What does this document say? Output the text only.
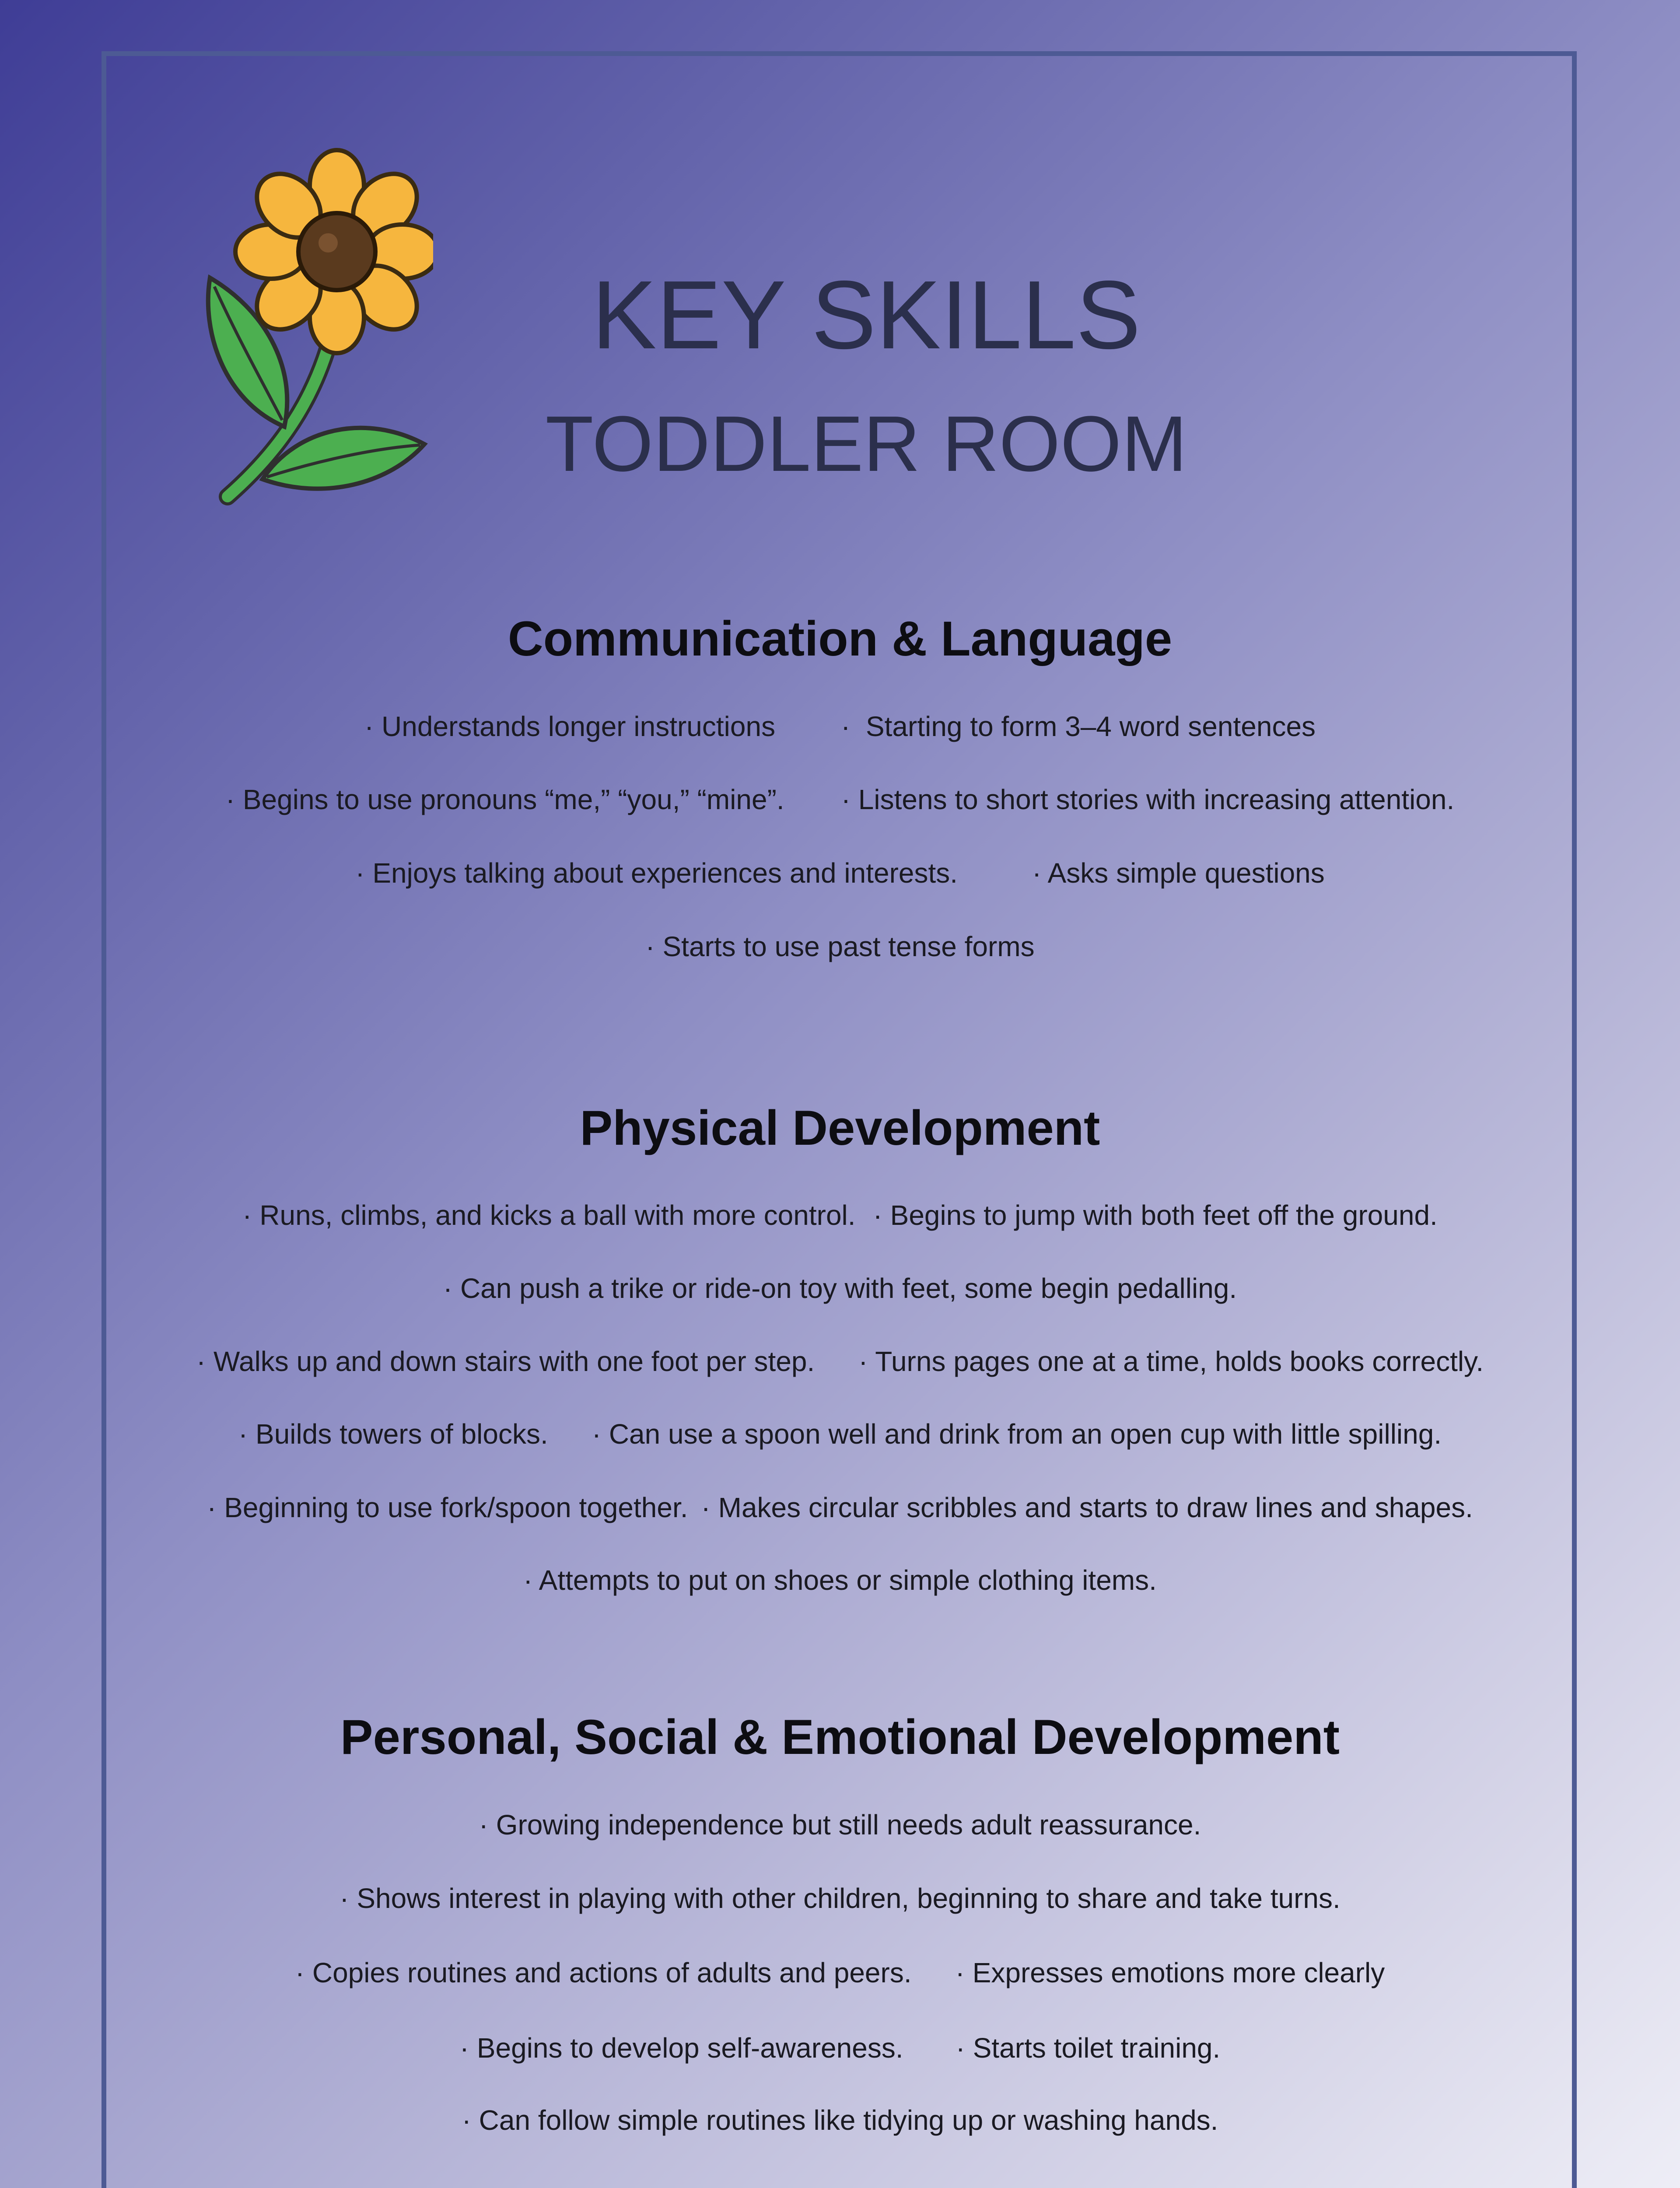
KEY SKILLS
TODDLER ROOM
Communication & Language
· Understands longer instructions ·  Starting to form 3–4 word sentences
· Begins to use pronouns “me,” “you,” “mine”. · Listens to short stories with increasing attention.
· Enjoys talking about experiences and interests.	· Asks simple questions
· Starts to use past tense forms
Physical Development
· Runs, climbs, and kicks a ball with more control. · Begins to jump with both feet off the ground.
· Can push a trike or ride-on toy with feet, some begin pedalling.
· Walks up and down stairs with one foot per step. · Turns pages one at a time, holds books correctly.
· Builds towers of blocks. · Can use a spoon well and drink from an open cup with little spilling.
· Beginning to use fork/spoon together. · Makes circular scribbles and starts to draw lines and shapes.
· Attempts to put on shoes or simple clothing items.
Personal, Social & Emotional Development
· Growing independence but still needs adult reassurance.
· Shows interest in playing with other children, beginning to share and take turns.
· Copies routines and actions of adults and peers. · Expresses emotions more clearly
· Begins to develop self-awareness. · Starts toilet training.
· Can follow simple routines like tidying up or washing hands.
